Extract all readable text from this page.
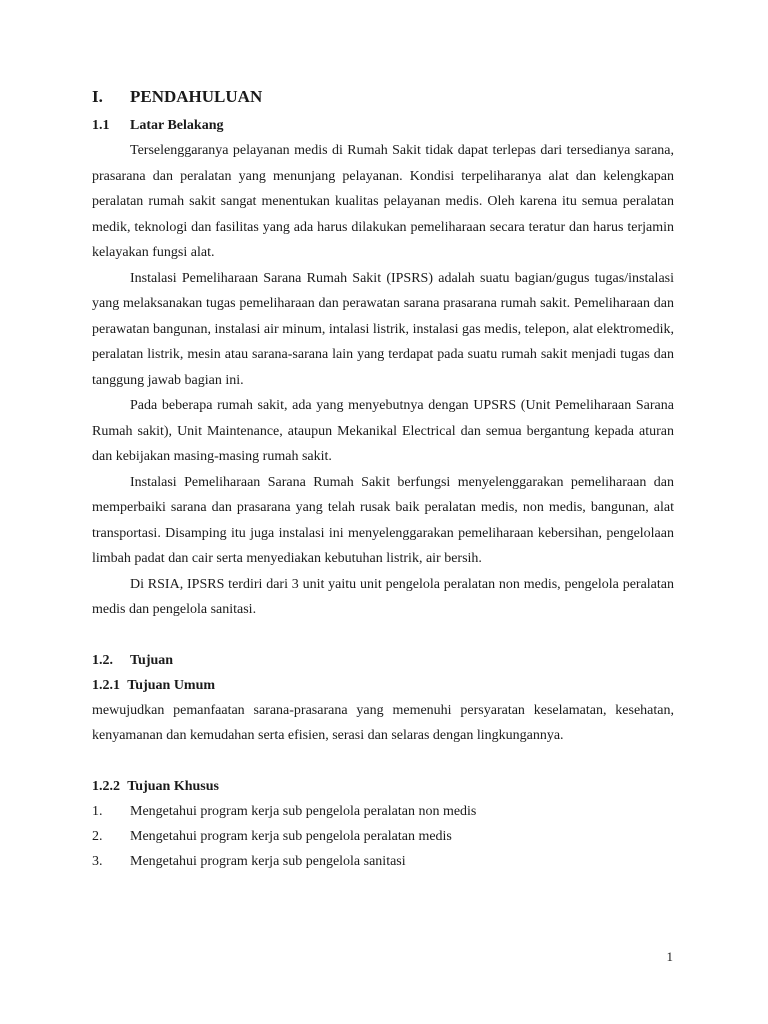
I.	PENDAHULUAN
1.1	Latar Belakang

Terselenggaranya pelayanan medis di Rumah Sakit tidak dapat terlepas dari tersedianya sarana, prasarana dan peralatan yang menunjang pelayanan. Kondisi terpeliharanya alat dan kelengkapan peralatan rumah sakit sangat menentukan kualitas pelayanan medis. Oleh karena itu semua peralatan medik, teknologi dan fasilitas yang ada harus dilakukan pemeliharaan secara teratur dan harus terjamin kelayakan fungsi alat.

Instalasi Pemeliharaan Sarana Rumah Sakit (IPSRS) adalah suatu bagian/gugus tugas/instalasi yang melaksanakan tugas pemeliharaan dan perawatan sarana prasarana rumah sakit. Pemeliharaan dan perawatan bangunan, instalasi air minum, intalasi listrik, instalasi gas medis, telepon, alat elektromedik, peralatan listrik, mesin atau sarana-sarana lain yang terdapat pada suatu rumah sakit menjadi tugas dan tanggung jawab bagian ini.

Pada beberapa rumah sakit, ada yang menyebutnya dengan UPSRS (Unit Pemeliharaan Sarana Rumah sakit), Unit Maintenance, ataupun Mekanikal Electrical dan semua bergantung kepada aturan dan kebijakan masing-masing rumah sakit.

Instalasi Pemeliharaan Sarana Rumah Sakit berfungsi menyelenggarakan pemeliharaan dan memperbaiki sarana dan prasarana yang telah rusak baik peralatan medis, non medis, bangunan, alat transportasi. Disamping itu juga instalasi ini menyelenggarakan pemeliharaan kebersihan, pengelolaan limbah padat dan cair serta menyediakan kebutuhan listrik, air bersih.

Di RSIA, IPSRS terdiri dari 3 unit yaitu unit pengelola peralatan non medis, pengelola peralatan medis dan pengelola sanitasi.

1.2.	Tujuan
1.2.1 Tujuan Umum

mewujudkan pemanfaatan sarana-prasarana yang memenuhi persyaratan keselamatan, kesehatan, kenyamanan dan kemudahan serta efisien, serasi dan selaras dengan lingkungannya.

1.2.2 Tujuan Khusus
1.	Mengetahui program kerja sub pengelola peralatan non medis
2.	Mengetahui program kerja sub pengelola peralatan medis
3.	Mengetahui program kerja sub pengelola sanitasi
1
